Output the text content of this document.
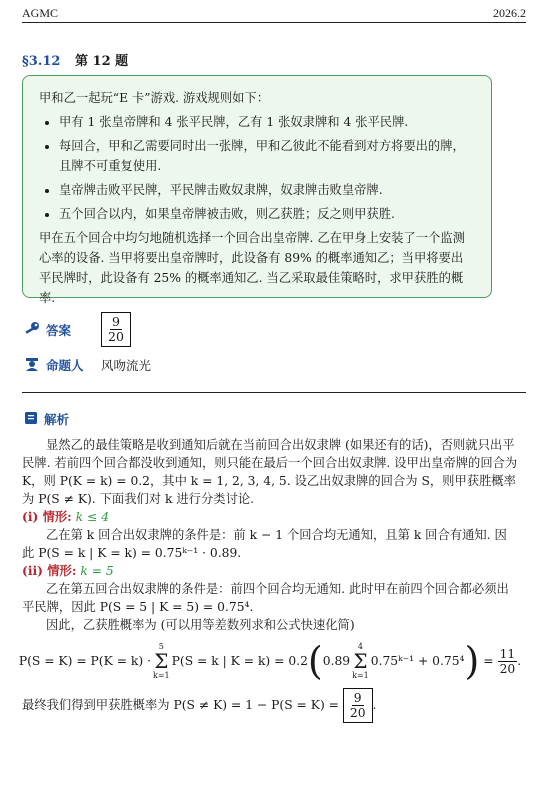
AGMC	2026.2
§3.12 第 12 题

甲和乙一起玩“E 卡”游戏. 游戏规则如下：

• 甲有 1 张皇帝牌和 4 张平民牌，乙有 1 张奴隶牌和 4 张平民牌.
• 每回合，甲和乙需要同时出一张牌，甲和乙彼此不能看到对方将要出的牌，且牌不可重复使用.
• 皇帝牌击败平民牌，平民牌击败奴隶牌，奴隶牌击败皇帝牌.
• 五个回合以内，如果皇帝牌被击败，则乙获胜；反之则甲获胜.

甲在五个回合中均匀地随机选择一个回合出皇帝牌. 乙在甲身上安装了一个监测心率的设备. 当甲将要出皇帝牌时，此设备有 89% 的概率通知乙；当甲将要出平民牌时，此设备有 25% 的概率通知乙. 当乙采取最佳策略时，求甲获胜的概率.

答案	$\frac{9}{20}$
命题人	风吻流光
解析

显然乙的最佳策略是收到通知后就在当前回合出奴隶牌 (如果还有的话)，否则就只出平民牌. 若前四个回合都没收到通知，则只能在最后一个回合出奴隶牌. 设甲出皇帝牌的回合为 K，则 P(K = k) = 0.2，其中 k = 1, 2, 3, 4, 5. 设乙出奴隶牌的回合为 S，则甲获胜概率为 P(S ≠ K). 下面我们对 k 进行分类讨论.

(i) 情形: k ≤ 4

乙在第 k 回合出奴隶牌的条件是：前 k − 1 个回合均无通知，且第 k 回合有通知. 因此 P(S = k | K = k) = 0.75ᵏ⁻¹ · 0.89.

(ii) 情形: k = 5

乙在第五回合出奴隶牌的条件是：前四个回合均无通知. 此时甲在前四个回合都必须出平民牌，因此 P(S = 5 | K = 5) = 0.75⁴.

因此，乙获胜概率为 (可以用等差数列求和公式快速化简)

P(S = K) = P(K = k) ·
5
Σ
k=1
P(S = k | K = k) = 0.2 ( 0.89
4
Σ
k=1
0.75ᵏ⁻¹ + 0.75⁴ ) = $\frac{11}{20}$ .

最终我们得到甲获胜概率为 $P(S \ne K) = 1 - P(S = K) = \frac{9}{20}$ .
